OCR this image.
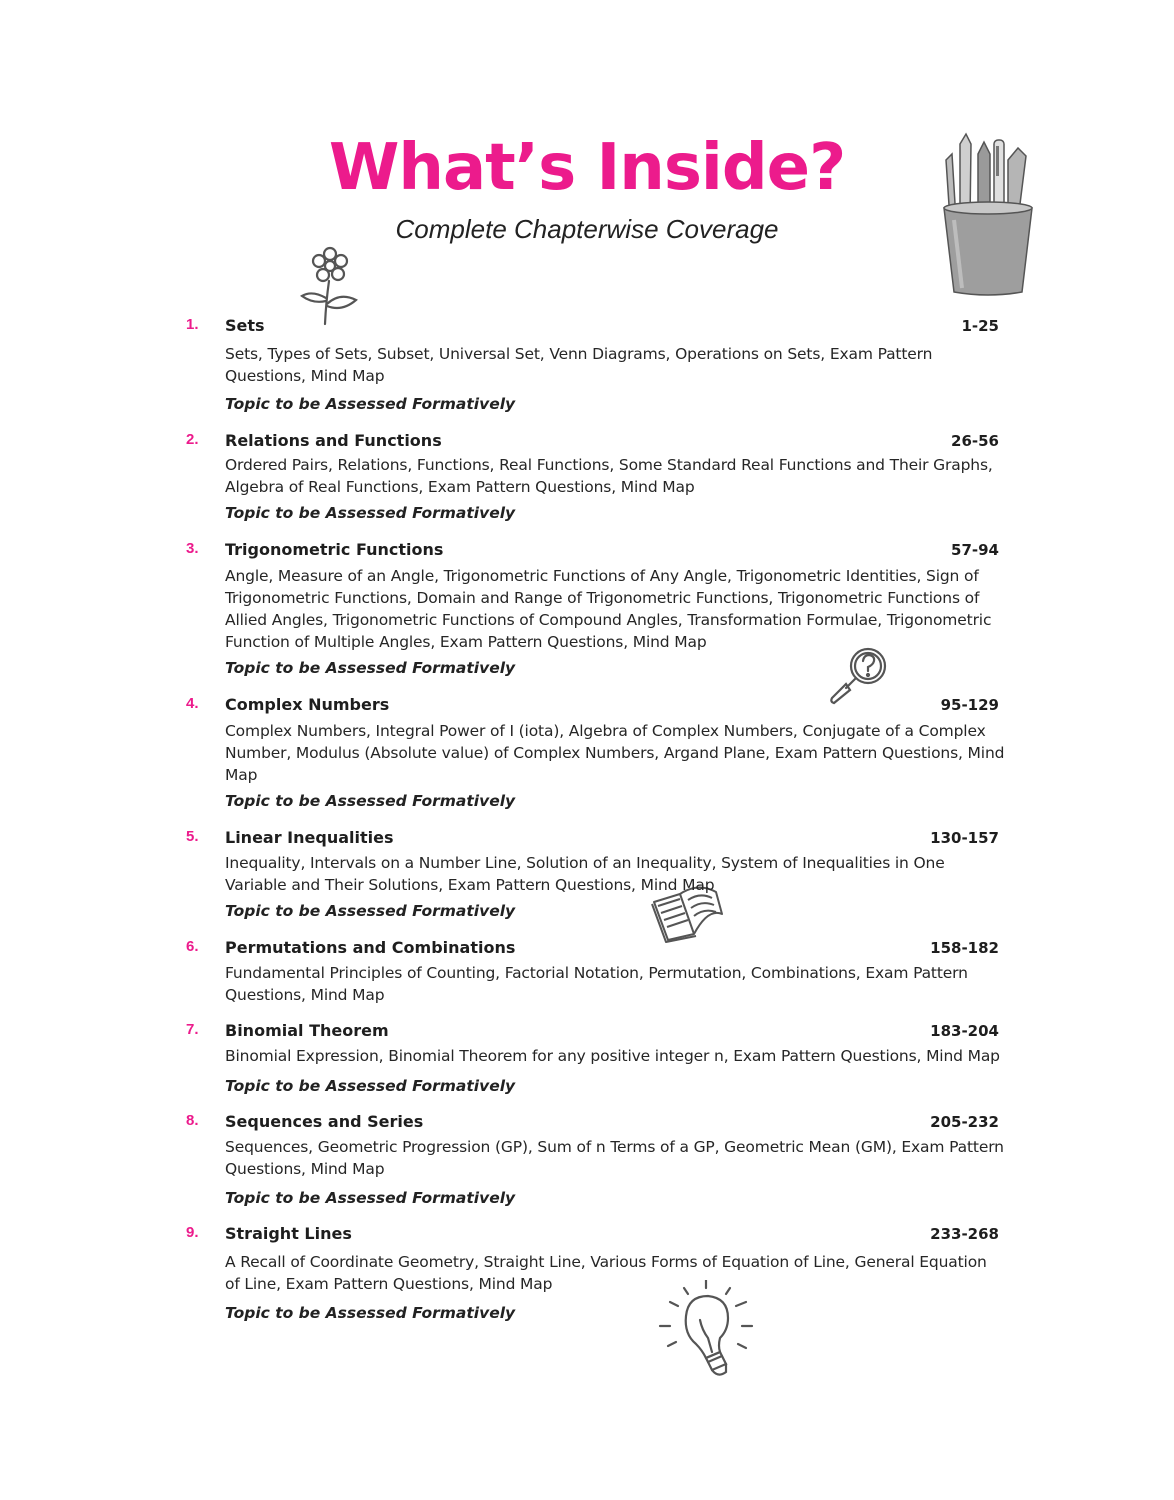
What’s Inside?

Complete Chapterwise Coverage

1. Sets	1-25

Sets, Types of Sets, Subset, Universal Set, Venn Diagrams, Operations on Sets, Exam Pattern Questions, Mind Map

Topic to be Assessed Formatively
2. Relations and Functions	26-56

Ordered Pairs, Relations, Functions, Real Functions, Some Standard Real Functions and Their Graphs, Algebra of Real Functions, Exam Pattern Questions, Mind Map

Topic to be Assessed Formatively
3. Trigonometric Functions	57-94

Angle, Measure of an Angle, Trigonometric Functions of Any Angle, Trigonometric Identities, Sign of Trigonometric Functions, Domain and Range of Trigonometric Functions, Trigonometric Functions of Allied Angles, Trigonometric Functions of Compound Angles, Transformation Formulae, Trigonometric Function of Multiple Angles, Exam Pattern Questions, Mind Map

Topic to be Assessed Formatively
4. Complex Numbers	95-129

Complex Numbers, Integral Power of I (iota), Algebra of Complex Numbers, Conjugate of a Complex Number, Modulus (Absolute value) of Complex Numbers, Argand Plane, Exam Pattern Questions, Mind Map

Topic to be Assessed Formatively
5. Linear Inequalities	130-157

Inequality, Intervals on a Number Line, Solution of an Inequality, System of Inequalities in One Variable and Their Solutions, Exam Pattern Questions, Mind Map

Topic to be Assessed Formatively
6. Permutations and Combinations	158-182

Fundamental Principles of Counting, Factorial Notation, Permutation, Combinations, Exam Pattern Questions, Mind Map

7. Binomial Theorem	183-204

Binomial Expression, Binomial Theorem for any positive integer n, Exam Pattern Questions, Mind Map

Topic to be Assessed Formatively
8. Sequences and Series	205-232

Sequences, Geometric Progression (GP), Sum of n Terms of a GP, Geometric Mean (GM), Exam Pattern Questions, Mind Map

Topic to be Assessed Formatively
9. Straight Lines	233-268

A Recall of Coordinate Geometry, Straight Line, Various Forms of Equation of Line, General Equation of Line, Exam Pattern Questions, Mind Map

Topic to be Assessed Formatively
